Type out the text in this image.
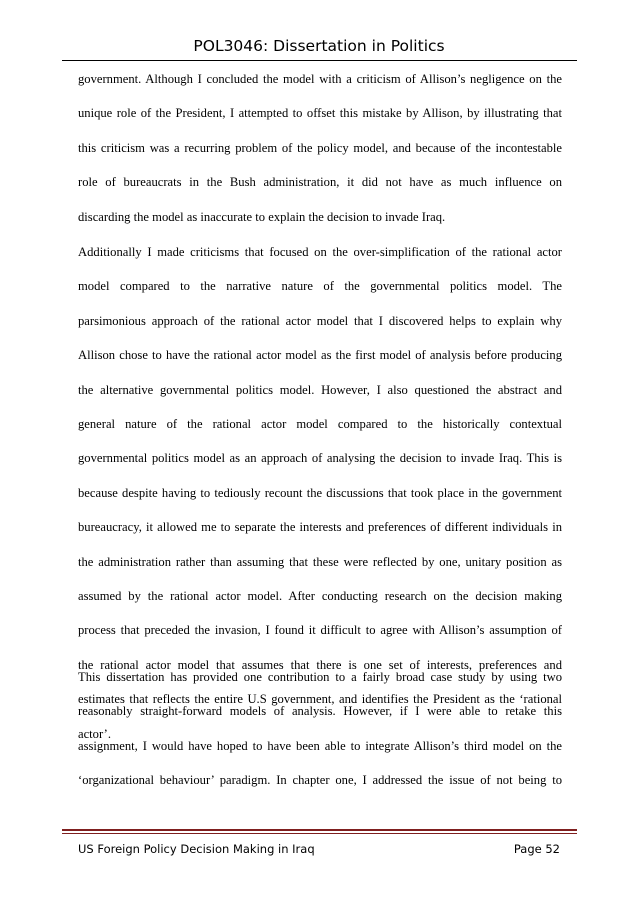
POL3046: Dissertation in Politics
government. Although I concluded the model with a criticism of Allison’s negligence on the
unique role of the President, I attempted to offset this mistake by Allison, by illustrating that
this criticism was a recurring problem of the policy model, and because of the incontestable
role of bureaucrats in the Bush administration, it did not have as much influence on
discarding the model as inaccurate to explain the decision to invade Iraq.
Additionally I made criticisms that focused on the over-simplification of the rational actor
model compared to the narrative nature of the governmental politics model. The
parsimonious approach of the rational actor model that I discovered helps to explain why
Allison chose to have the rational actor model as the first model of analysis before producing
the alternative governmental politics model. However, I also questioned the abstract and
general nature of the rational actor model compared to the historically contextual
governmental politics model as an approach of analysing the decision to invade Iraq. This is
because despite having to tediously recount the discussions that took place in the government
bureaucracy, it allowed me to separate the interests and preferences of different individuals in
the administration rather than assuming that these were reflected by one, unitary position as
assumed by the rational actor model. After conducting research on the decision making
process that preceded the invasion, I found it difficult to agree with Allison’s assumption of
the rational actor model that assumes that there is one set of interests, preferences and
estimates that reflects the entire U.S government, and identifies the President as the ‘rational
actor’.
This dissertation has provided one contribution to a fairly broad case study by using two
reasonably straight-forward models of analysis. However, if I were able to retake this
assignment, I would have hoped to have been able to integrate Allison’s third model on the
‘organizational behaviour’ paradigm. In chapter one, I addressed the issue of not being to
US Foreign Policy Decision Making in Iraq	Page 52
